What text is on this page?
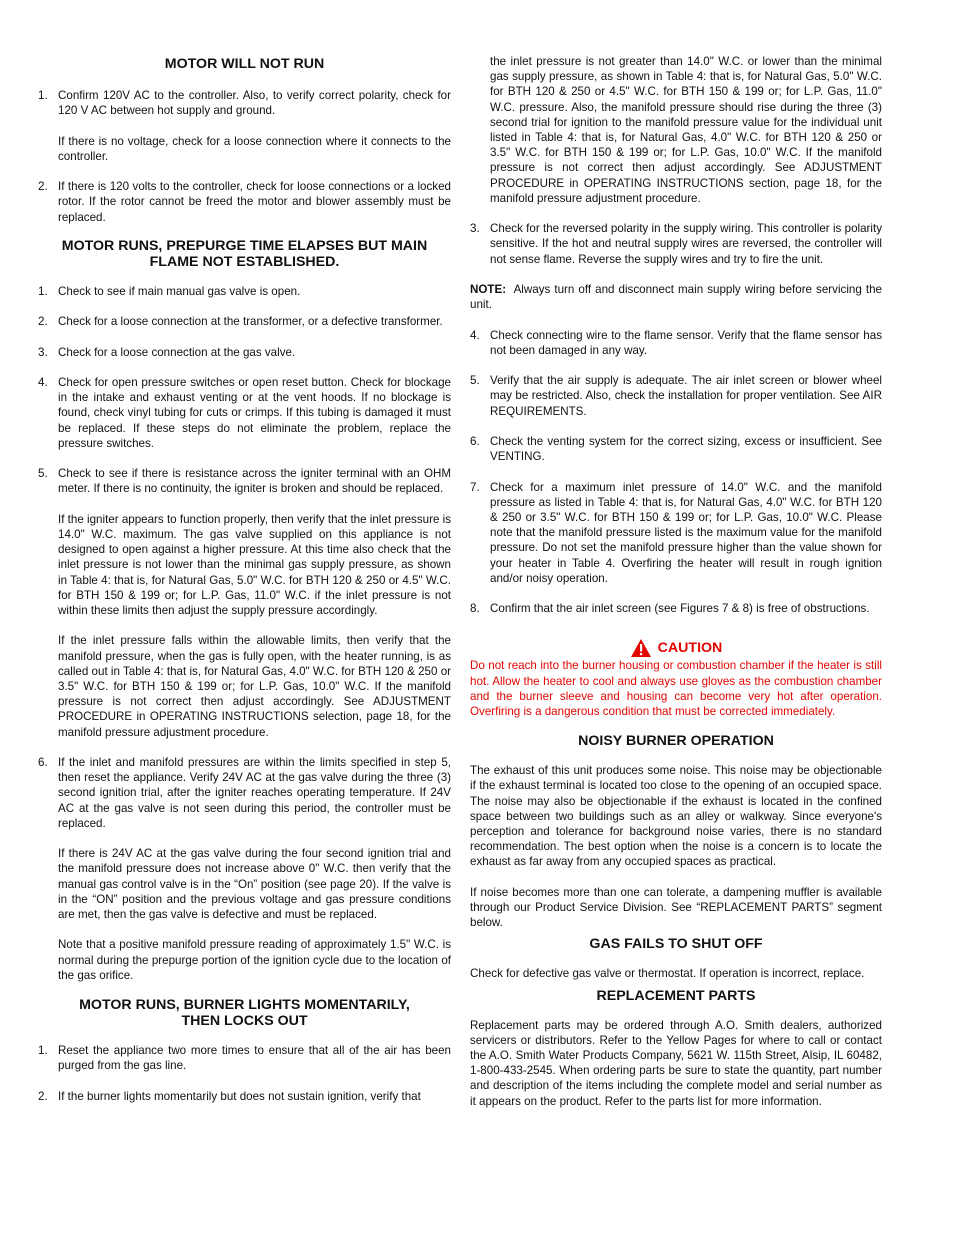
MOTOR WILL NOT RUN
1. Confirm 120V AC to the controller. Also, to verify correct polarity, check for 120 V AC between hot supply and ground.

If there is no voltage, check for a loose connection where it connects to the controller.

2. If there is 120 volts to the controller, check for loose connections or a locked rotor. If the rotor cannot be freed the motor and blower assembly must be replaced.

MOTOR RUNS, PREPURGE TIME ELAPSES BUT MAIN FLAME NOT ESTABLISHED.
1. Check to see if main manual gas valve is open.

2. Check for a loose connection at the transformer, or a defective transformer.

3. Check for a loose connection at the gas valve.

4. Check for open pressure switches or open reset button. Check for blockage in the intake and exhaust venting or at the vent hoods. If no blockage is found, check vinyl tubing for cuts or crimps. If this tubing is damaged it must be replaced. If these steps do not eliminate the problem, replace the pressure switches.

5. Check to see if there is resistance across the igniter terminal with an OHM meter. If there is no continuity, the igniter is broken and should be replaced.

If the igniter appears to function properly, then verify that the inlet pressure is 14.0" W.C. maximum. The gas valve supplied on this appliance is not designed to open against a higher pressure. At this time also check that the inlet pressure is not lower than the minimal gas supply pressure, as shown in Table 4: that is, for Natural Gas, 5.0" W.C. for BTH 120 & 250 or 4.5" W.C. for BTH 150 & 199 or; for L.P. Gas, 11.0" W.C. if the inlet pressure is not within these limits then adjust the supply pressure accordingly.

If the inlet pressure falls within the allowable limits, then verify that the manifold pressure, when the gas is fully open, with the heater running, is as called out in Table 4: that is, for Natural Gas, 4.0" W.C. for BTH 120 & 250 or 3.5" W.C. for BTH 150 & 199 or; for L.P. Gas, 10.0" W.C. If the manifold pressure is not correct then adjust accordingly. See ADJUSTMENT PROCEDURE in OPERATING INSTRUCTIONS selection, page 18, for the manifold pressure adjustment procedure.

6. If the inlet and manifold pressures are within the limits specified in step 5, then reset the appliance. Verify 24V AC at the gas valve during the three (3) second ignition trial, after the igniter reaches operating temperature. If 24V AC at the gas valve is not seen during this period, the controller must be replaced.

If there is 24V AC at the gas valve during the four second ignition trial and the manifold pressure does not increase above 0" W.C. then verify that the manual gas control valve is in the “On” position (see page 20). If the valve is in the “ON” position and the previous voltage and gas pressure conditions are met, then the gas valve is defective and must be replaced.

Note that a positive manifold pressure reading of approximately 1.5" W.C. is normal during the prepurge portion of the ignition cycle due to the location of the gas orifice.

MOTOR RUNS, BURNER LIGHTS MOMENTARILY, THEN LOCKS OUT
1. Reset the appliance two more times to ensure that all of the air has been purged from the gas line.

2. If the burner lights momentarily but does not sustain ignition, verify that

the inlet pressure is not greater than 14.0" W.C. or lower than the minimal gas supply pressure, as shown in Table 4: that is, for Natural Gas, 5.0" W.C. for BTH 120 & 250 or 4.5" W.C. for BTH 150 & 199 or; for L.P. Gas, 11.0" W.C. pressure. Also, the manifold pressure should rise during the three (3) second trial for ignition to the manifold pressure value for the individual unit listed in Table 4: that is, for Natural Gas, 4.0" W.C. for BTH 120 & 250 or 3.5" W.C. for BTH 150 & 199 or; for L.P. Gas, 10.0" W.C. If the manifold pressure is not correct then adjust accordingly. See ADJUSTMENT PROCEDURE in OPERATING INSTRUCTIONS section, page 18, for the manifold pressure adjustment procedure.

3. Check for the reversed polarity in the supply wiring. This controller is polarity sensitive. If the hot and neutral supply wires are reversed, the controller will not sense flame. Reverse the supply wires and try to fire the unit.

NOTE: Always turn off and disconnect main supply wiring before servicing the unit.

4. Check connecting wire to the flame sensor. Verify that the flame sensor has not been damaged in any way.

5. Verify that the air supply is adequate. The air inlet screen or blower wheel may be restricted. Also, check the installation for proper ventilation. See AIR REQUIREMENTS.

6. Check the venting system for the correct sizing, excess or insufficient. See VENTING.

7. Check for a maximum inlet pressure of 14.0" W.C. and the manifold pressure as listed in Table 4: that is, for Natural Gas, 4.0" W.C. for BTH 120 & 250 or 3.5" W.C. for BTH 150 & 199 or; for L.P. Gas, 10.0" W.C. Please note that the manifold pressure listed is the maximum value for the manifold pressure. Do not set the manifold pressure higher than the value shown for your heater in Table 4. Overfiring the heater will result in rough ignition and/or noisy operation.

8. Confirm that the air inlet screen (see Figures 7 & 8) is free of obstructions.

CAUTION

Do not reach into the burner housing or combustion chamber if the heater is still hot. Allow the heater to cool and always use gloves as the combustion chamber and the burner sleeve and housing can become very hot after operation. Overfiring is a dangerous condition that must be corrected immediately.

NOISY BURNER OPERATION

The exhaust of this unit produces some noise. This noise may be objectionable if the exhaust terminal is located too close to the opening of an occupied space. The noise may also be objectionable if the exhaust is located in the confined space between two buildings such as an alley or walkway. Since everyone's perception and tolerance for background noise varies, there is no standard recommendation. The best option when the noise is a concern is to locate the exhaust as far away from any occupied spaces as practical.

If noise becomes more than one can tolerate, a dampening muffler is available through our Product Service Division. See “REPLACEMENT PARTS” segment below.

GAS FAILS TO SHUT OFF

Check for defective gas valve or thermostat. If operation is incorrect, replace.

REPLACEMENT PARTS

Replacement parts may be ordered through A.O. Smith dealers, authorized servicers or distributors. Refer to the Yellow Pages for where to call or contact the A.O. Smith Water Products Company, 5621 W. 115th Street, Alsip, IL 60482, 1-800-433-2545. When ordering parts be sure to state the quantity, part number and description of the items including the complete model and serial number as it appears on the product. Refer to the parts list for more information.
